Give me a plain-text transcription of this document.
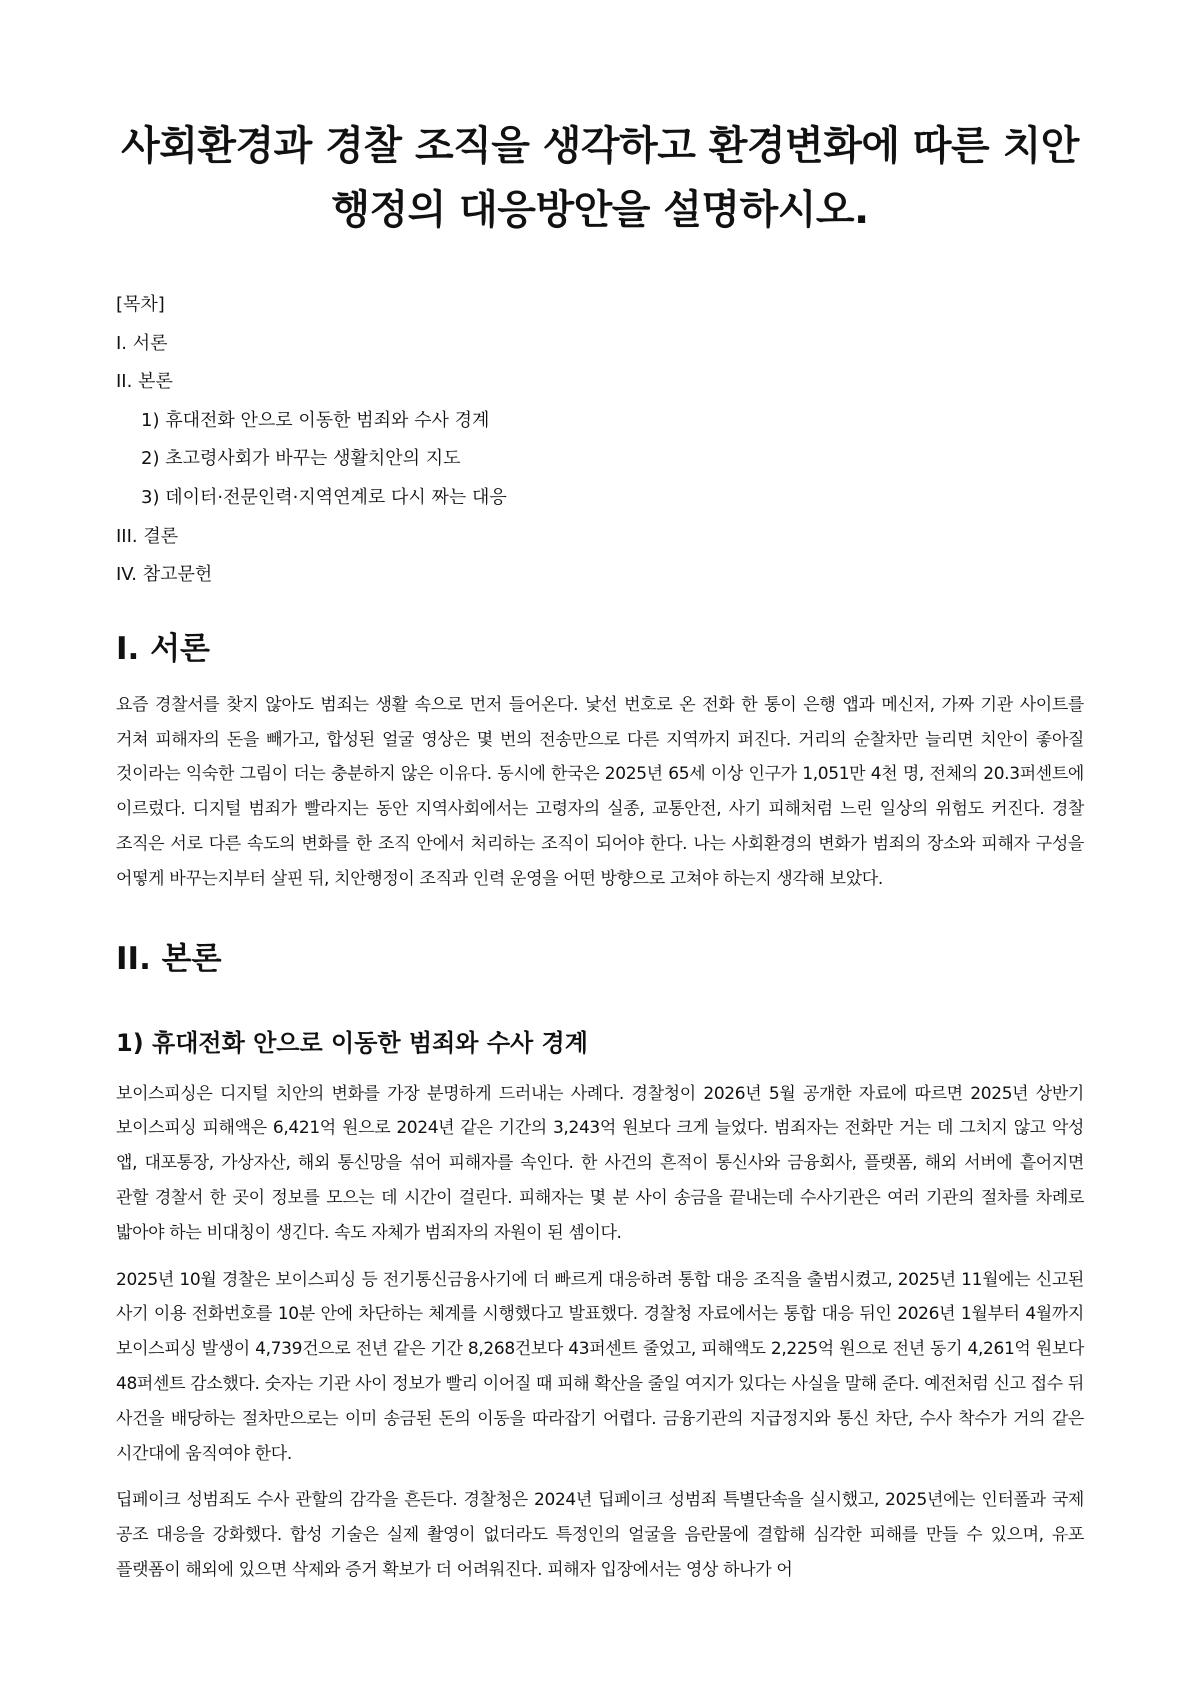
사회환경과 경찰 조직을 생각하고 환경변화에 따른 치안행정의 대응방안을 설명하시오.
[목차]
I. 서론
II. 본론
1) 휴대전화 안으로 이동한 범죄와 수사 경계
2) 초고령사회가 바꾸는 생활치안의 지도
3) 데이터·전문인력·지역연계로 다시 짜는 대응
III. 결론
IV. 참고문헌
I. 서론

요즘 경찰서를 찾지 않아도 범죄는 생활 속으로 먼저 들어온다. 낯선 번호로 온 전화 한 통이 은행 앱과 메신저, 가짜 기관 사이트를 거쳐 피해자의 돈을 빼가고, 합성된 얼굴 영상은 몇 번의 전송만으로 다른 지역까지 퍼진다. 거리의 순찰차만 늘리면 치안이 좋아질 것이라는 익숙한 그림이 더는 충분하지 않은 이유다. 동시에 한국은 2025년 65세 이상 인구가 1,051만 4천 명, 전체의 20.3퍼센트에 이르렀다. 디지털 범죄가 빨라지는 동안 지역사회에서는 고령자의 실종, 교통안전, 사기 피해처럼 느린 일상의 위험도 커진다. 경찰 조직은 서로 다른 속도의 변화를 한 조직 안에서 처리하는 조직이 되어야 한다. 나는 사회환경의 변화가 범죄의 장소와 피해자 구성을 어떻게 바꾸는지부터 살핀 뒤, 치안행정이 조직과 인력 운영을 어떤 방향으로 고쳐야 하는지 생각해 보았다.

II. 본론
1) 휴대전화 안으로 이동한 범죄와 수사 경계

보이스피싱은 디지털 치안의 변화를 가장 분명하게 드러내는 사례다. 경찰청이 2026년 5월 공개한 자료에 따르면 2025년 상반기 보이스피싱 피해액은 6,421억 원으로 2024년 같은 기간의 3,243억 원보다 크게 늘었다. 범죄자는 전화만 거는 데 그치지 않고 악성 앱, 대포통장, 가상자산, 해외 통신망을 섞어 피해자를 속인다. 한 사건의 흔적이 통신사와 금융회사, 플랫폼, 해외 서버에 흩어지면 관할 경찰서 한 곳이 정보를 모으는 데 시간이 걸린다. 피해자는 몇 분 사이 송금을 끝내는데 수사기관은 여러 기관의 절차를 차례로 밟아야 하는 비대칭이 생긴다. 속도 자체가 범죄자의 자원이 된 셈이다.

2025년 10월 경찰은 보이스피싱 등 전기통신금융사기에 더 빠르게 대응하려 통합 대응 조직을 출범시켰고, 2025년 11월에는 신고된 사기 이용 전화번호를 10분 안에 차단하는 체계를 시행했다고 발표했다. 경찰청 자료에서는 통합 대응 뒤인 2026년 1월부터 4월까지 보이스피싱 발생이 4,739건으로 전년 같은 기간 8,268건보다 43퍼센트 줄었고, 피해액도 2,225억 원으로 전년 동기 4,261억 원보다 48퍼센트 감소했다. 숫자는 기관 사이 정보가 빨리 이어질 때 피해 확산을 줄일 여지가 있다는 사실을 말해 준다. 예전처럼 신고 접수 뒤 사건을 배당하는 절차만으로는 이미 송금된 돈의 이동을 따라잡기 어렵다. 금융기관의 지급정지와 통신 차단, 수사 착수가 거의 같은 시간대에 움직여야 한다.

딥페이크 성범죄도 수사 관할의 감각을 흔든다. 경찰청은 2024년 딥페이크 성범죄 특별단속을 실시했고, 2025년에는 인터폴과 국제 공조 대응을 강화했다. 합성 기술은 실제 촬영이 없더라도 특정인의 얼굴을 음란물에 결합해 심각한 피해를 만들 수 있으며, 유포 플랫폼이 해외에 있으면 삭제와 증거 확보가 더 어려워진다. 피해자 입장에서는 영상 하나가 어
